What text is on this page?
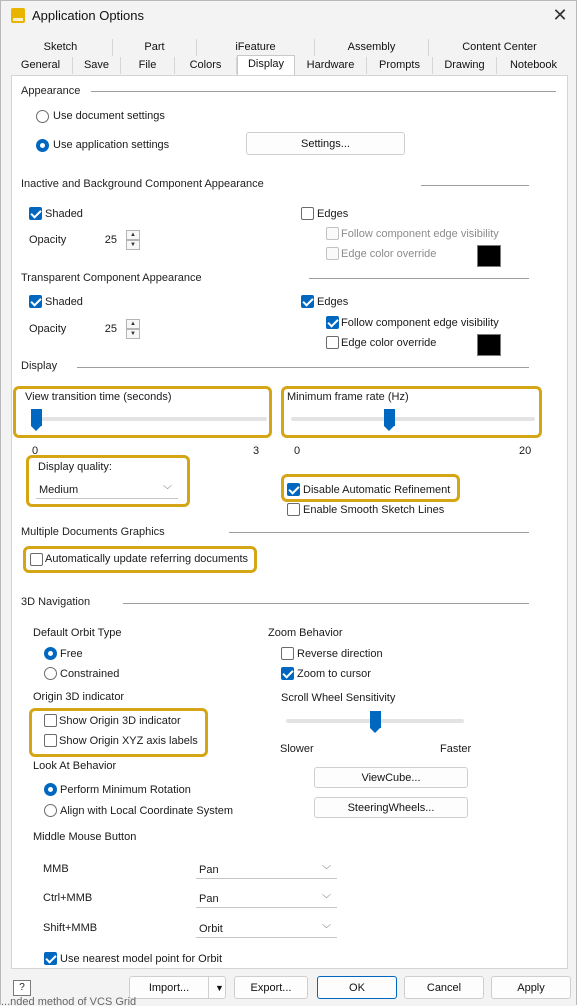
Application Options	✕
Sketch	Part	iFeature	Assembly	Content Center
General	Save	File	Colors	Display	Hardware	Prompts	Drawing	Notebook
Appearance
Use document settings
Use application settings	Settings...
Inactive and Background Component Appearance
Shaded
Opacity	25	▲
▼
Edges
Follow component edge visibility
Edge color override
Transparent Component Appearance
Shaded
Opacity	25	▲
▼
Edges
Follow component edge visibility
Edge color override
Display
View transition time (seconds)
0	3
Minimum frame rate (Hz)
0	20
Display quality:
Medium	﹀	Disable Automatic Refinement
Enable Smooth Sketch Lines
Multiple Documents Graphics
Automatically update referring documents
3D Navigation
Default Orbit Type
Free
Constrained
Zoom Behavior
Reverse direction
Zoom to cursor
Origin 3D indicator
Show Origin 3D indicator
Show Origin XYZ axis labels
Scroll Wheel Sensitivity
Slower	Faster
Look At Behavior
Perform Minimum Rotation
Align with Local Coordinate System
ViewCube...
SteeringWheels...
Middle Mouse Button
MMB	Pan	﹀
Ctrl+MMB	Pan	﹀
Shift+MMB	Orbit	﹀
Use nearest model point for Orbit
?	Import...	▼	Export...	OK	Cancel	Apply
...nded method of VCS Grid
